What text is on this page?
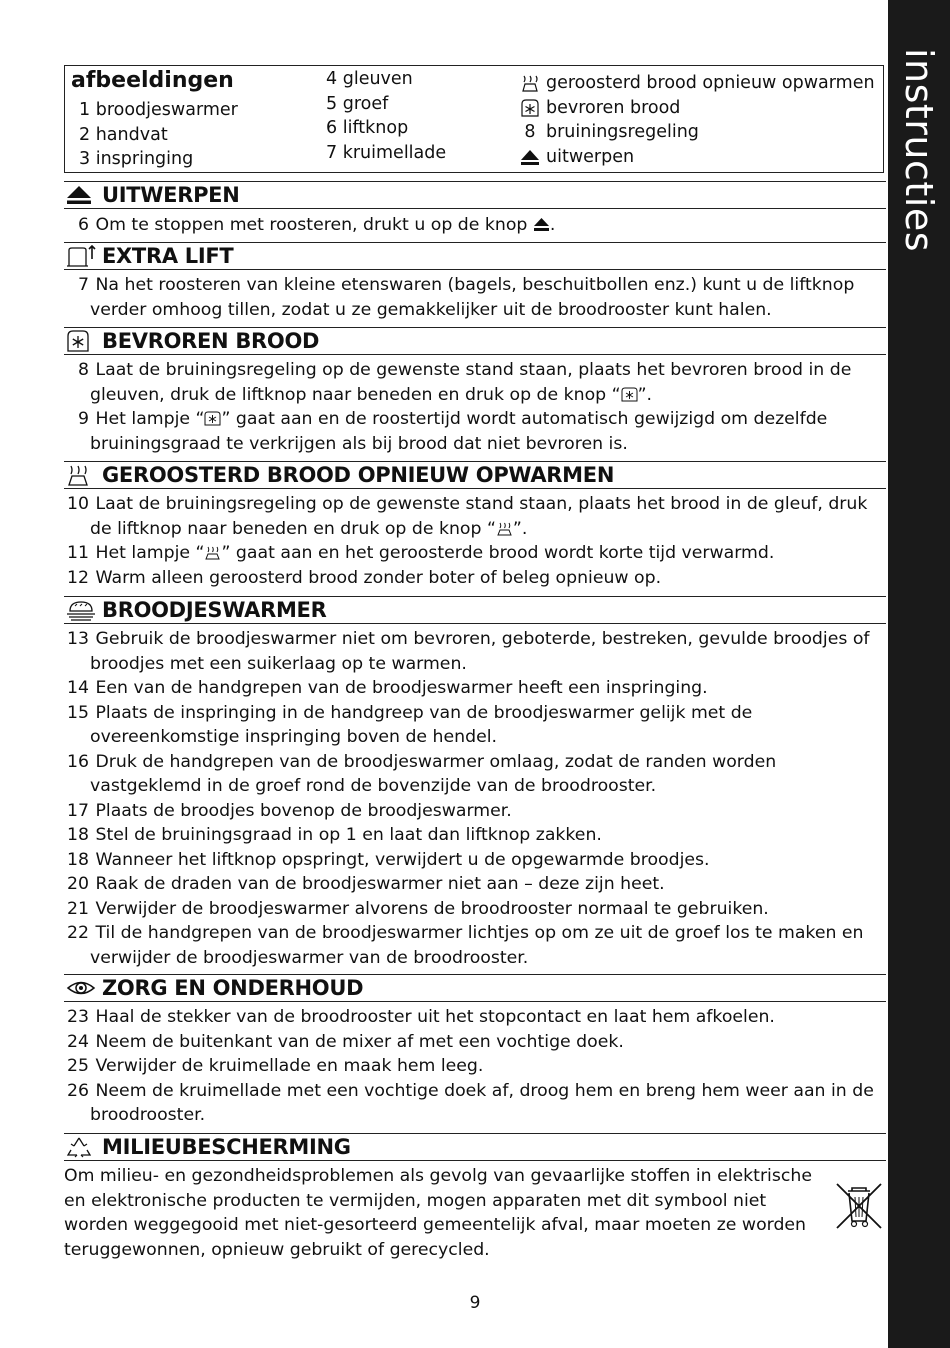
instructies
afbeeldingen
1
broodjeswarmer
2
handvat
3
inspringing
4
gleuven
5
groef
6
liftknop
7
kruimellade
geroosterd brood opnieuw opwarmen
bevroren brood
8 bruiningsregeling
uitwerpen
UITWERPEN
6 Om te stoppen met roosteren, drukt u op de knop .
EXTRA LIFT
7 Na het roosteren van kleine etenswaren (bagels, beschuitbollen enz.) kunt u de liftknop verder omhoog tillen, zodat u ze gemakkelijker uit de broodrooster kunt halen.
BEVROREN BROOD
8 Laat de bruiningsregeling op de gewenste stand staan, plaats het bevroren brood in de gleuven, druk de liftknop naar beneden en druk op de knop “ ”.
9 Het lampje “ ” gaat aan en de roostertijd wordt automatisch gewijzigd om dezelfde bruiningsgraad te verkrijgen als bij brood dat niet bevroren is.
GEROOSTERD BROOD OPNIEUW OPWARMEN
10 Laat de bruiningsregeling op de gewenste stand staan, plaats het brood in de gleuf, druk de liftknop naar beneden en druk op de knop “ ”.
11 Het lampje “ ” gaat aan en het geroosterde brood wordt korte tijd verwarmd.
12 Warm alleen geroosterd brood zonder boter of beleg opnieuw op.
BROODJESWARMER
13 Gebruik de broodjeswarmer niet om bevroren, geboterde, bestreken, gevulde broodjes of broodjes met een suikerlaag op te warmen.
14 Een van de handgrepen van de broodjeswarmer heeft een inspringing.
15 Plaats de inspringing in de handgreep van de broodjeswarmer gelijk met de overeenkomstige inspringing boven de hendel.
16 Druk de handgrepen van de broodjeswarmer omlaag, zodat de randen worden vastgeklemd in de groef rond de bovenzijde van de broodrooster.
17 Plaats de broodjes bovenop de broodjeswarmer.
18 Stel de bruiningsgraad in op 1 en laat dan liftknop zakken.
18 Wanneer het liftknop opspringt, verwijdert u de opgewarmde broodjes.
20 Raak de draden van de broodjeswarmer niet aan – deze zijn heet.
21 Verwijder de broodjeswarmer alvorens de broodrooster normaal te gebruiken.
22 Til de handgrepen van de broodjeswarmer lichtjes op om ze uit de groef los te maken en verwijder de broodjeswarmer van de broodrooster.
ZORG EN ONDERHOUD
23 Haal de stekker van de broodrooster uit het stopcontact en laat hem afkoelen.
24 Neem de buitenkant van de mixer af met een vochtige doek.
25 Verwijder de kruimellade en maak hem leeg.
26 Neem de kruimellade met een vochtige doek af, droog hem en breng hem weer aan in de broodrooster.
MILIEUBESCHERMING
Om milieu- en gezondheidsproblemen als gevolg van gevaarlijke stoffen in elektrische en elektronische producten te vermijden, mogen apparaten met dit symbool niet worden weggegooid met niet-gesorteerd gemeentelijk afval, maar moeten ze worden teruggewonnen, opnieuw gebruikt of gerecycled.
9
